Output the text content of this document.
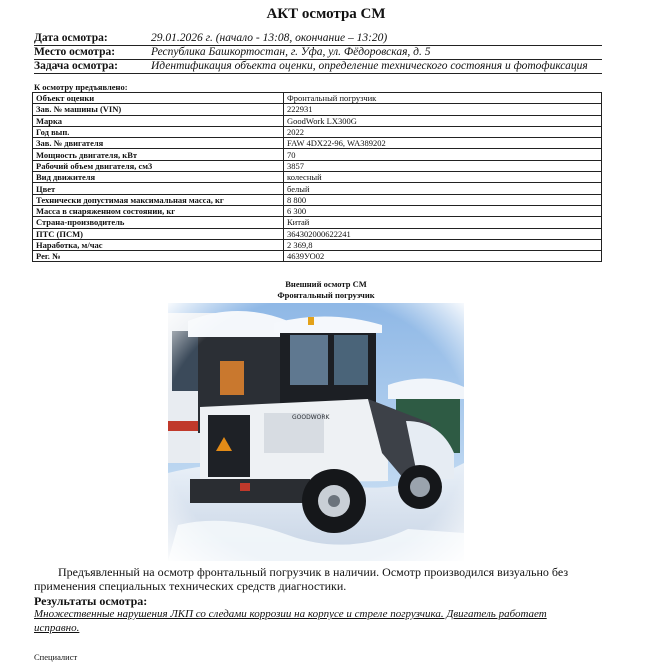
АКТ осмотра СМ
Дата осмотра:	29.01.2026 г. (начало - 13:08, окончание – 13:20)
Место осмотра:	Республика Башкортостан, г. Уфа, ул. Фёдоровская, д. 5
Задача осмотра:	Идентификация объекта оценки, определение технического состояния и фотофиксация
К осмотру предъявлено:
Объект оценки	Фронтальный погрузчик
Зав. № машины (VIN)	222931
Марка	GoodWork LX300G
Год вып.	2022
Зав. № двигателя	FAW 4DX22-96, WA389202
Мощность двигателя, кВт	70
Рабочий объем двигателя, см3	3857
Вид движителя	колесный
Цвет	белый
Технически допустимая максимальная масса, кг	8 800
Масса в снаряженном состоянии, кг	6 300
Страна-производитель	Китай
ПТС (ПСМ)	364302000622241
Наработка, м/час	2 369,8
Рег. №	4639УО02
Внешний осмотр СМ
Фронтальный погрузчик
Предъявленный на осмотр фронтальный погрузчик в наличии. Осмотр производился визуально без применения специальных технических средств диагностики.
Результаты осмотра:
Множественные нарушения ЛКП со следами коррозии на корпусе и стреле погрузчика. Двигатель работает исправно.
Специалист
